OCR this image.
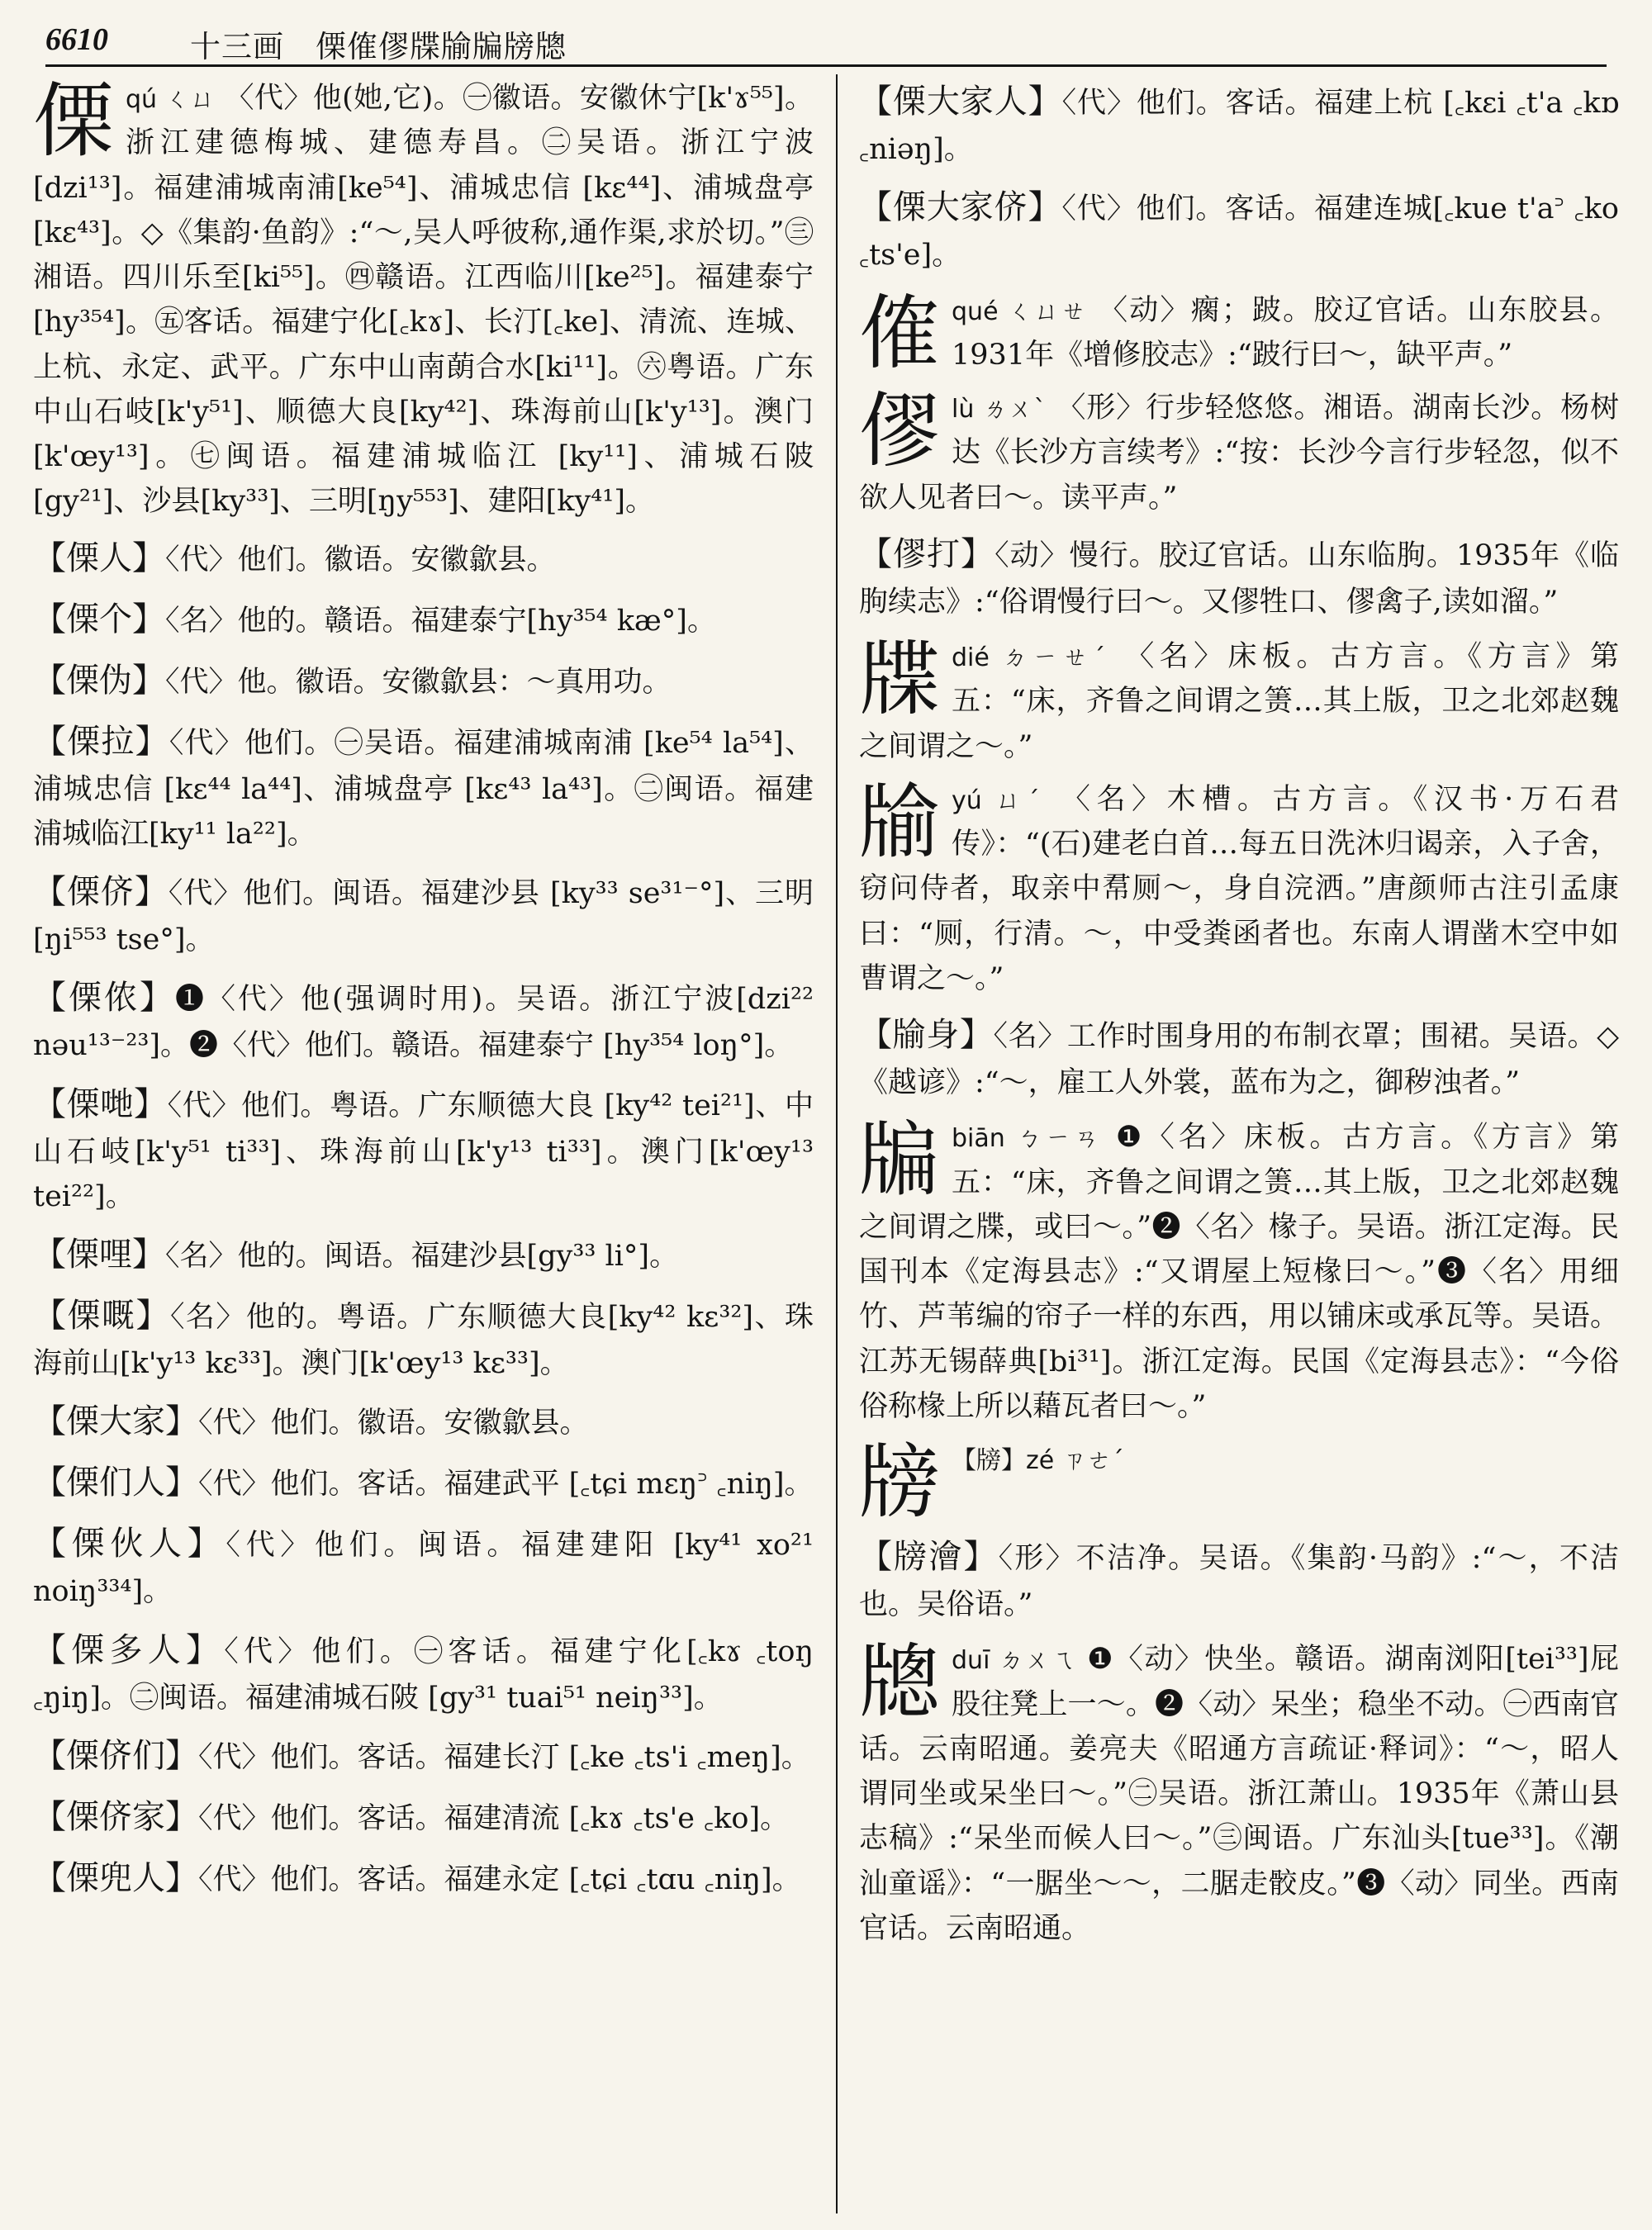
6610	十三画　傈傕僇牒牏牑牓牕
傈qú ㄑㄩ 〈代〉他(她,它)。㊀徽语。安徽休宁[k'ɤ⁵⁵]。浙江建德梅城、建德寿昌。㊁吴语。浙江宁波[dzi¹³]。福建浦城南浦[ke⁵⁴]、浦城忠信 [kɛ⁴⁴]、浦城盘亭[kɛ⁴³]。◇《集韵·鱼韵》:“～,吴人呼彼称,通作渠,求於切。”㊂湘语。四川乐至[ki⁵⁵]。㊃赣语。江西临川[ke²⁵]。福建泰宁[hy³⁵⁴]。㊄客话。福建宁化[꜀kɤ]、长汀[꜀ke]、清流、连城、上杭、永定、武平。广东中山南蓢合水[ki¹¹]。㊅粤语。广东中山石岐[k'y⁵¹]、顺德大良[ky⁴²]、珠海前山[k'y¹³]。澳门[k'œy¹³]。㊆闽语。福建浦城临江 [ky¹¹]、浦城石陂 [gy²¹]、沙县[ky³³]、三明[ŋy⁵⁵³]、建阳[ky⁴¹]。
【傈人】〈代〉他们。徽语。安徽歙县。
【傈个】〈名〉他的。赣语。福建泰宁[hy³⁵⁴ kæ°]。
【傈伪】〈代〉他。徽语。安徽歙县：～真用功。
【傈拉】〈代〉他们。㊀吴语。福建浦城南浦 [ke⁵⁴ la⁵⁴]、浦城忠信 [kɛ⁴⁴ la⁴⁴]、浦城盘亭 [kɛ⁴³ la⁴³]。㊁闽语。福建浦城临江[ky¹¹ la²²]。
【傈侪】〈代〉他们。闽语。福建沙县 [ky³³ se³¹⁻°]、三明[ŋi⁵⁵³ tse°]。
【傈侬】❶〈代〉他(强调时用)。吴语。浙江宁波[dzi²² nəu¹³⁻²³]。❷〈代〉他们。赣语。福建泰宁 [hy³⁵⁴ loŋ°]。
【傈哋】〈代〉他们。粤语。广东顺德大良 [ky⁴² tei²¹]、中山石岐[k'y⁵¹ ti³³]、珠海前山[k'y¹³ ti³³]。澳门[k'œy¹³ tei²²]。
【傈哩】〈名〉他的。闽语。福建沙县[gy³³ li°]。
【傈嘅】〈名〉他的。粤语。广东顺德大良[ky⁴² kɛ³²]、珠海前山[k'y¹³ kɛ³³]。澳门[k'œy¹³ kɛ³³]。
【傈大家】〈代〉他们。徽语。安徽歙县。
【傈们人】〈代〉他们。客话。福建武平 [꜀tɕi mɛŋ꜄ ꜀niŋ]。
【傈伙人】〈代〉他们。闽语。福建建阳 [ky⁴¹ xo²¹ noiŋ³³⁴]。
【傈多人】〈代〉他们。㊀客话。福建宁化[꜀kɤ ꜀toŋ ꜀ŋiŋ]。㊁闽语。福建浦城石陂 [gy³¹ tuai⁵¹ neiŋ³³]。
【傈侪们】〈代〉他们。客话。福建长汀 [꜀ke ꜀ts'i ꜀meŋ]。
【傈侪家】〈代〉他们。客话。福建清流 [꜀kɤ ꜀ts'e ꜀ko]。
【傈兜人】〈代〉他们。客话。福建永定 [꜀tɕi ꜀tɑu ꜀niŋ]。
【傈大家人】〈代〉他们。客话。福建上杭 [꜀kɛi ꜀t'a ꜀kɒ ꜀niəŋ]。
【傈大家侪】〈代〉他们。客话。福建连城[꜀kue t'a꜄ ꜀ko ꜀ts'e]。
傕qué ㄑㄩㄝ 〈动〉瘸；跛。胶辽官话。山东胶县。1931年《增修胶志》:“跛行曰～，缺平声。”
僇lù ㄌㄨˋ 〈形〉行步轻悠悠。湘语。湖南长沙。杨树达《长沙方言续考》:“按：长沙今言行步轻忽，似不欲人见者曰～。读平声。”
【僇打】〈动〉慢行。胶辽官话。山东临朐。1935年《临朐续志》:“俗谓慢行曰～。又僇牲口、僇禽子,读如溜。”
牒dié ㄉㄧㄝˊ 〈名〉床板。古方言。《方言》第五：“床，齐鲁之间谓之箦…其上版，卫之北郊赵魏之间谓之～。”
牏yú ㄩˊ 〈名〉木槽。古方言。《汉书·万石君传》：“(石)建老白首…每五日洗沐归谒亲，入子舍，窃问侍者，取亲中帬厕～，身自浣洒。”唐颜师古注引孟康曰：“厕，行清。～，中受粪函者也。东南人谓凿木空中如曹谓之～。”
【牏身】〈名〉工作时围身用的布制衣罩；围裙。吴语。◇《越谚》:“～，雇工人外裳，蓝布为之，御秽浊者。”
牑biān ㄅㄧㄢ ❶〈名〉床板。古方言。《方言》第五：“床，齐鲁之间谓之箦…其上版，卫之北郊赵魏之间谓之牒，或曰～。”❷〈名〉椽子。吴语。浙江定海。民国刊本《定海县志》:“又谓屋上短椽曰～。”❸〈名〉用细竹、芦苇编的帘子一样的东西，用以铺床或承瓦等。吴语。江苏无锡薛典[bi³¹]。浙江定海。民国《定海县志》：“今俗俗称椽上所以藉瓦者曰～。”
牓 【牓】zé ㄗㄜˊ
【牓澮】〈形〉不洁净。吴语。《集韵·马韵》:“～，不洁也。吴俗语。”
牕duī ㄉㄨㄟ ❶〈动〉快坐。赣语。湖南浏阳[tei³³]屁股往凳上一～。❷〈动〉呆坐；稳坐不动。㊀西南官话。云南昭通。姜亮夫《昭通方言疏证·释词》：“～，昭人谓同坐或呆坐曰～。”㊁吴语。浙江萧山。1935年《萧山县志稿》:“呆坐而候人曰～。”㊂闽语。广东汕头[tue³³]。《潮汕童谣》：“一腒坐～～，二腒走骹皮。”❸〈动〉同坐。西南官话。云南昭通。
